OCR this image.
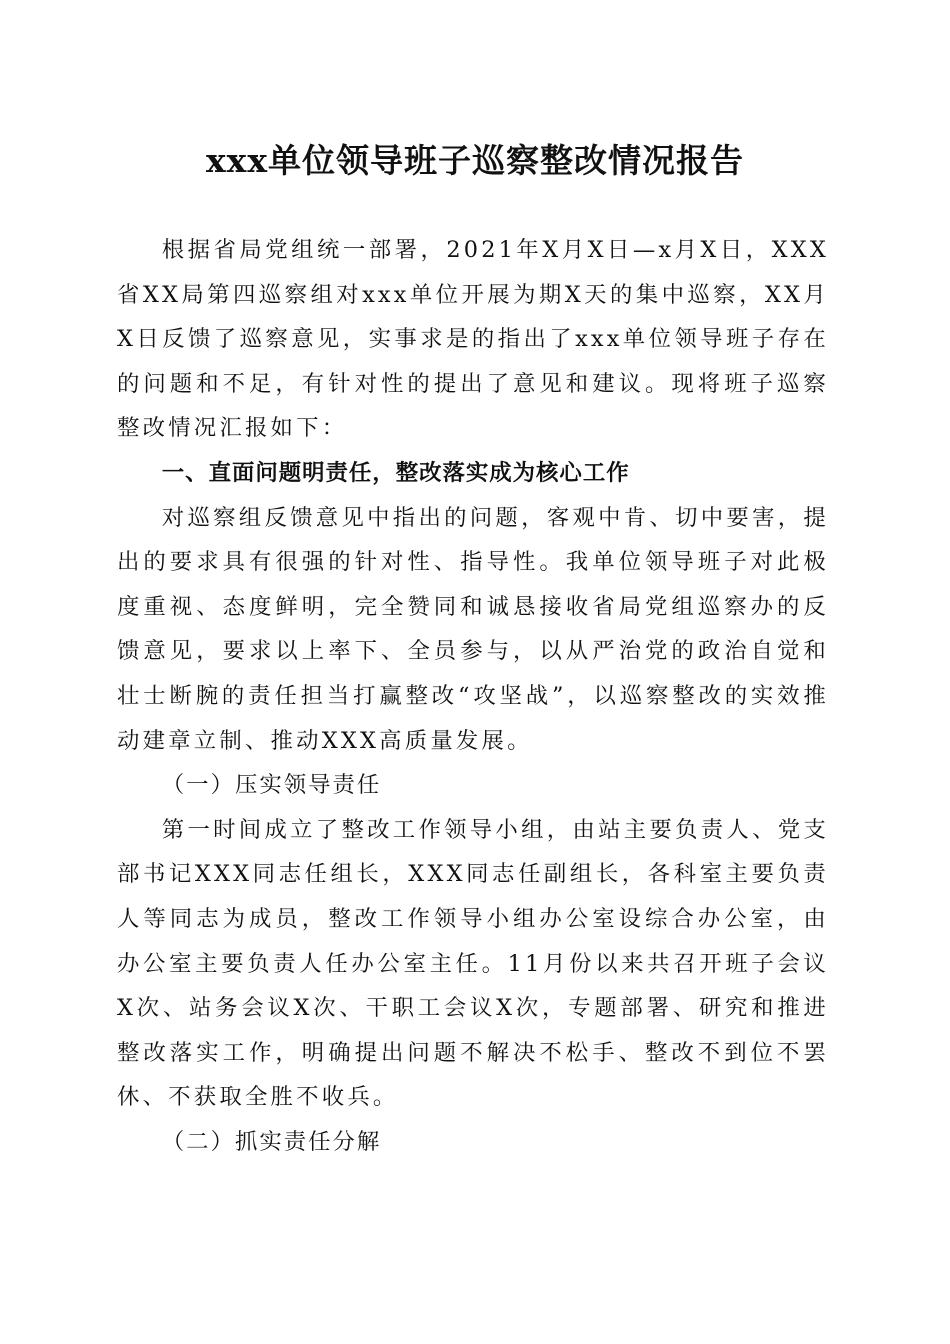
xxx单位领导班子巡察整改情况报告

根据省局党组统一部署，2021年X月X日—x月X日，XXX省XX局第四巡察组对xxx单位开展为期X天的集中巡察，XX月X日反馈了巡察意见，实事求是的指出了xxx单位领导班子存在的问题和不足，有针对性的提出了意见和建议。现将班子巡察整改情况汇报如下：

一、直面问题明责任，整改落实成为核心工作

对巡察组反馈意见中指出的问题，客观中肯、切中要害，提出的要求具有很强的针对性、指导性。我单位领导班子对此极度重视、态度鲜明，完全赞同和诚恳接收省局党组巡察办的反馈意见，要求以上率下、全员参与，以从严治党的政治自觉和壮士断腕的责任担当打赢整改“攻坚战”，以巡察整改的实效推动建章立制、推动XXX高质量发展。

（一）压实领导责任

第一时间成立了整改工作领导小组，由站主要负责人、党支部书记XXX同志任组长，XXX同志任副组长，各科室主要负责人等同志为成员，整改工作领导小组办公室设综合办公室，由办公室主要负责人任办公室主任。11月份以来共召开班子会议X次、站务会议X次、干职工会议X次，专题部署、研究和推进整改落实工作，明确提出问题不解决不松手、整改不到位不罢休、不获取全胜不收兵。

（二）抓实责任分解
